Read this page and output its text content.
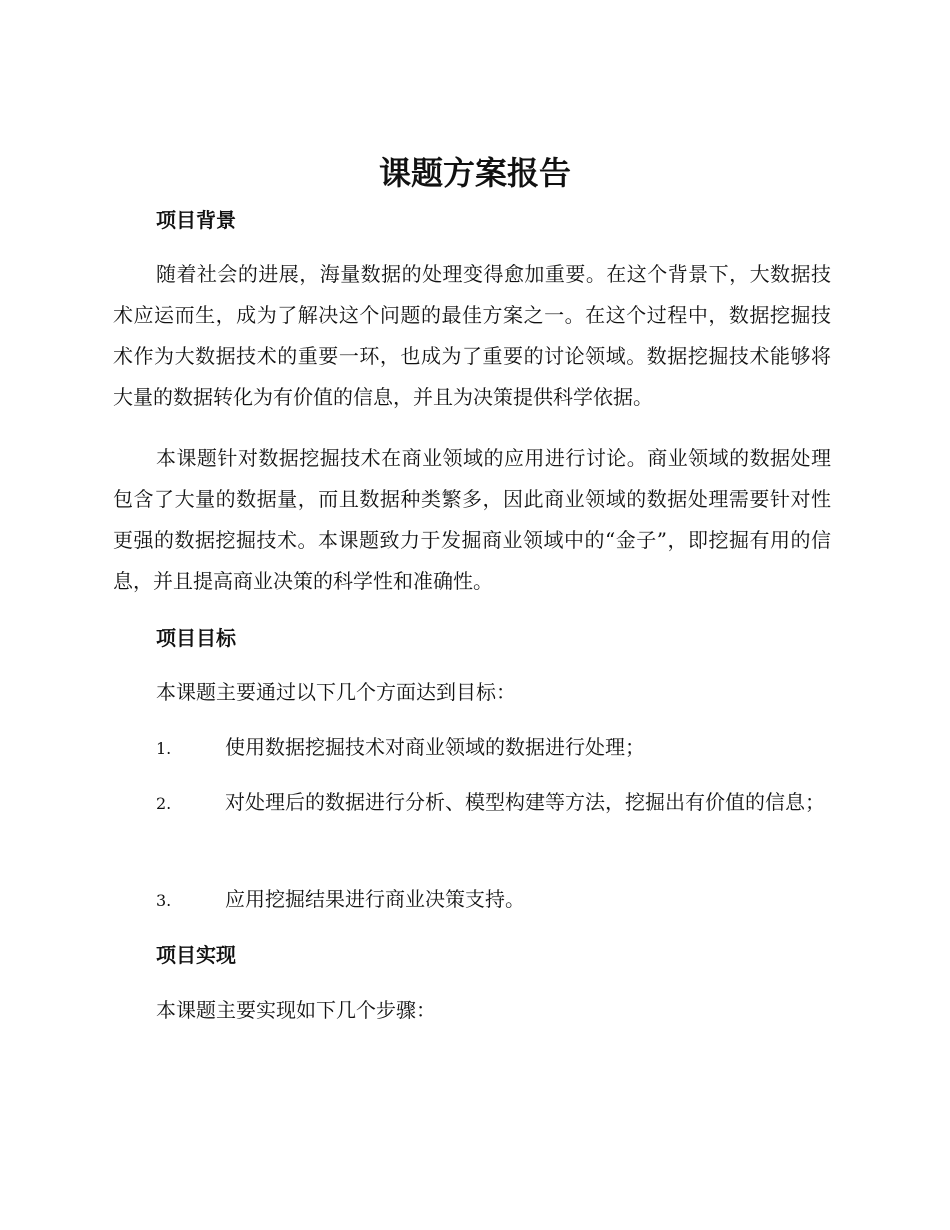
课题方案报告
项目背景

随着社会的进展，海量数据的处理变得愈加重要。在这个背景下，大数据技术应运而生，成为了解决这个问题的最佳方案之一。在这个过程中，数据挖掘技术作为大数据技术的重要一环，也成为了重要的讨论领域。数据挖掘技术能够将大量的数据转化为有价值的信息，并且为决策提供科学依据。

本课题针对数据挖掘技术在商业领域的应用进行讨论。商业领域的数据处理包含了大量的数据量，而且数据种类繁多，因此商业领域的数据处理需要针对性更强的数据挖掘技术。本课题致力于发掘商业领域中的“金子”，即挖掘有用的信息，并且提高商业决策的科学性和准确性。

项目目标

本课题主要通过以下几个方面达到目标：

1.	使用数据挖掘技术对商业领域的数据进行处理；

2.	对处理后的数据进行分析、模型构建等方法，挖掘出有价值的信息；

3.	应用挖掘结果进行商业决策支持。

项目实现

本课题主要实现如下几个步骤：
